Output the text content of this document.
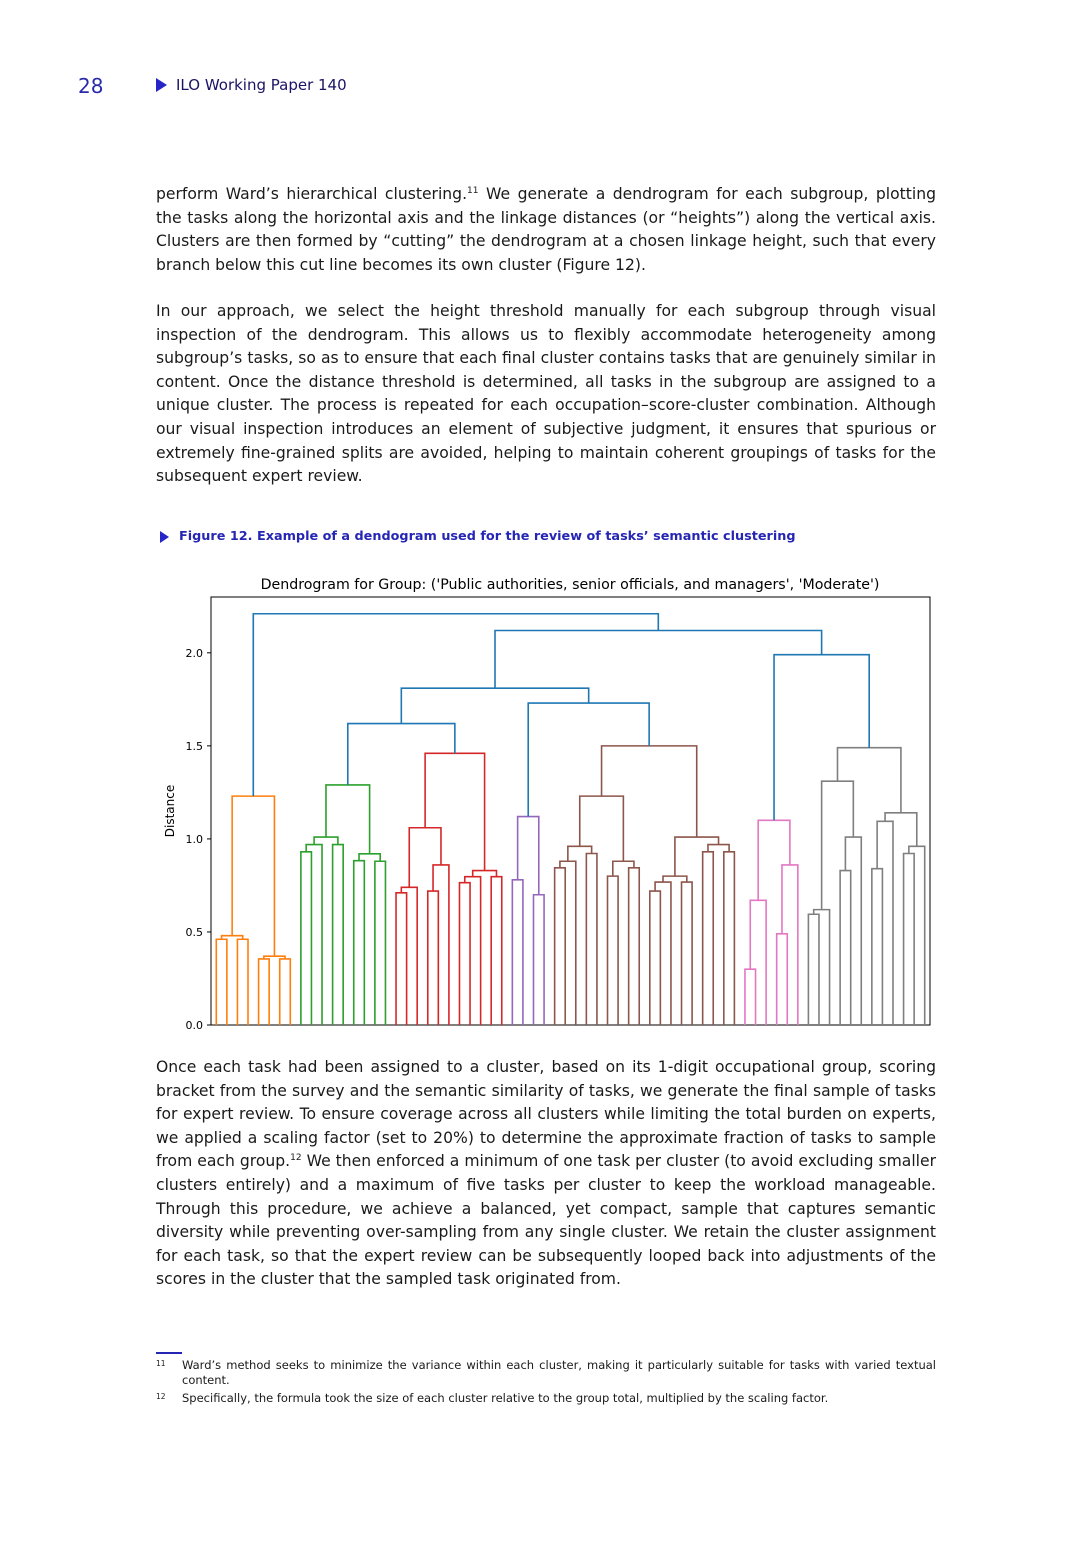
28	ILO Working Paper 140

perform Ward’s hierarchical clustering.$^{11}$ We generate a dendrogram for each subgroup, plotting the tasks along the horizontal axis and the linkage distances (or “heights”) along the vertical axis. Clusters are then formed by “cutting” the dendrogram at a chosen linkage height, such that every branch below this cut line becomes its own cluster (Figure 12).

In our approach, we select the height threshold manually for each subgroup through visual inspection of the dendrogram. This allows us to flexibly accommodate heterogeneity among subgroup’s tasks, so as to ensure that each final cluster contains tasks that are genuinely similar in content. Once the distance threshold is determined, all tasks in the subgroup are assigned to a unique cluster. The process is repeated for each occupation–score-cluster combination. Although our visual inspection introduces an element of subjective judgment, it ensures that spurious or extremely fine-grained splits are avoided, helping to maintain coherent groupings of tasks for the subsequent expert review.

Figure 12. Example of a dendogram used for the review of tasks’ semantic clustering
Dendrogram for Group: ('Public authorities, senior officials, and managers', 'Moderate')
Distance
0.0
0.5
1.0
1.5
2.0

Once each task had been assigned to a cluster, based on its 1-digit occupational group, scoring bracket from the survey and the semantic similarity of tasks, we generate the final sample of tasks for expert review. To ensure coverage across all clusters while limiting the total burden on experts, we applied a scaling factor (set to 20%) to determine the approximate fraction of tasks to sample from each group.$^{12}$ We then enforced a minimum of one task per cluster (to avoid excluding smaller clusters entirely) and a maximum of five tasks per cluster to keep the workload manageable. Through this procedure, we achieve a balanced, yet compact, sample that captures semantic diversity while preventing over-sampling from any single cluster. We retain the cluster assignment for each task, so that the expert review can be subsequently looped back into adjustments of the scores in the cluster that the sampled task originated from.

11 Ward’s method seeks to minimize the variance within each cluster, making it particularly suitable for tasks with varied textual content.
12 Specifically, the formula took the size of each cluster relative to the group total, multiplied by the scaling factor.
